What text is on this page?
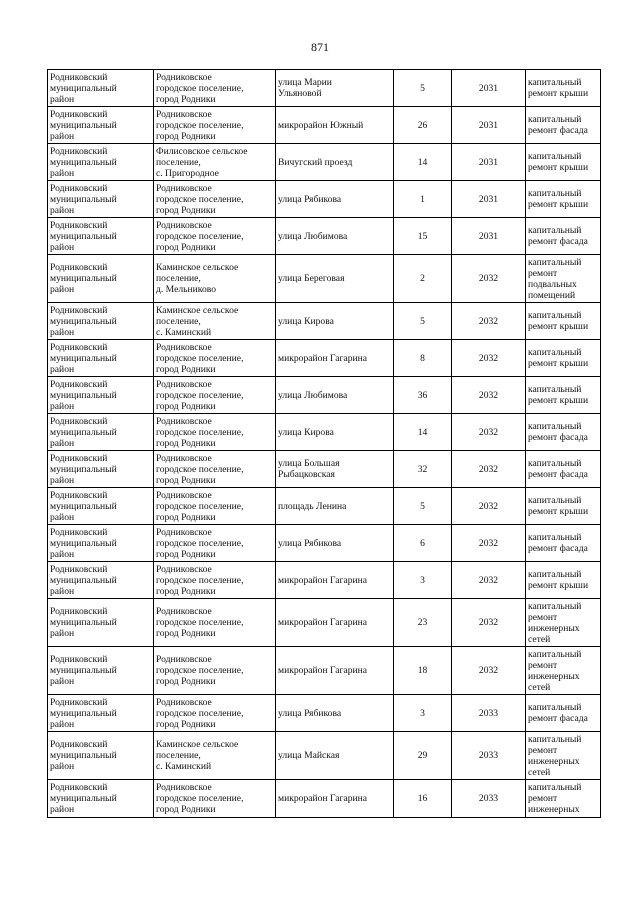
871
Родниковский
муниципальный
район	Родниковское
городское поселение,
город Родники	улица Марии
Ульяновой	5	2031	капитальный
ремонт крыши

Родниковский
муниципальный
район	Родниковское
городское поселение,
город Родники	микрорайон Южный	26	2031	капитальный
ремонт фасада

Родниковский
муниципальный
район	Филисовское сельское
поселение,
с. Пригородное	Вичугский проезд	14	2031	капитальный
ремонт крыши

Родниковский
муниципальный
район	Родниковское
городское поселение,
город Родники	улица Рябикова	1	2031	капитальный
ремонт крыши

Родниковский
муниципальный
район	Родниковское
городское поселение,
город Родники	улица Любимова	15	2031	капитальный
ремонт фасада

Родниковский
муниципальный
район	Каминское сельское
поселение,
д. Мельниково	улица Береговая	2	2032	капитальный
ремонт
подвальных
помещений

Родниковский
муниципальный
район	Каминское сельское
поселение,
с. Каминский	улица Кирова	5	2032	капитальный
ремонт крыши

Родниковский
муниципальный
район	Родниковское
городское поселение,
город Родники	микрорайон Гагарина	8	2032	капитальный
ремонт крыши

Родниковский
муниципальный
район	Родниковское
городское поселение,
город Родники	улица Любимова	36	2032	капитальный
ремонт крыши

Родниковский
муниципальный
район	Родниковское
городское поселение,
город Родники	улица Кирова	14	2032	капитальный
ремонт фасада

Родниковский
муниципальный
район	Родниковское
городское поселение,
город Родники	улица Большая
Рыбацковская	32	2032	капитальный
ремонт фасада

Родниковский
муниципальный
район	Родниковское
городское поселение,
город Родники	площадь Ленина	5	2032	капитальный
ремонт крыши

Родниковский
муниципальный
район	Родниковское
городское поселение,
город Родники	улица Рябикова	6	2032	капитальный
ремонт фасада

Родниковский
муниципальный
район	Родниковское
городское поселение,
город Родники	микрорайон Гагарина	3	2032	капитальный
ремонт крыши

Родниковский
муниципальный
район	Родниковское
городское поселение,
город Родники	микрорайон Гагарина	23	2032	капитальный
ремонт
инженерных
сетей

Родниковский
муниципальный
район	Родниковское
городское поселение,
город Родники	микрорайон Гагарина	18	2032	капитальный
ремонт
инженерных
сетей

Родниковский
муниципальный
район	Родниковское
городское поселение,
город Родники	улица Рябикова	3	2033	капитальный
ремонт фасада

Родниковский
муниципальный
район	Каминское сельское
поселение,
с. Каминский	улица Майская	29	2033	капитальный
ремонт
инженерных
сетей

Родниковский
муниципальный
район	Родниковское
городское поселение,
город Родники	микрорайон Гагарина	16	2033	капитальный
ремонт
инженерных
